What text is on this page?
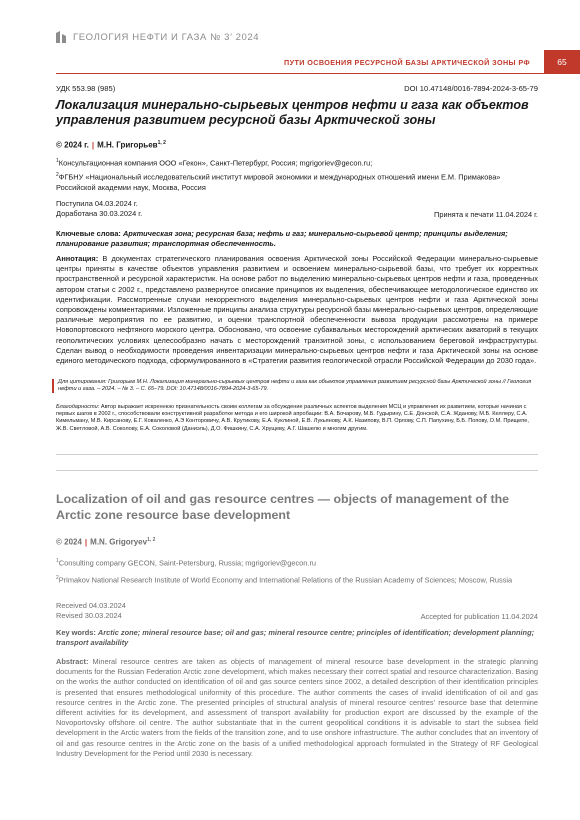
ГЕОЛОГИЯ НЕФТИ И ГАЗА № 3’ 2024
ПУТИ ОСВОЕНИЯ РЕСУРСНОЙ БАЗЫ АРКТИЧЕСКОЙ ЗОНЫ РФ	65
УДК 553.98 (985)	DOI 10.47148/0016-7894-2024-3-65-79
Локализация минерально-сырьевых центров нефти и газа как объектов управления развитием ресурсной базы Арктической зоны
© 2024 г. | М.Н. Григорьев$^{1, 2}$
$^1$Консультационная компания ООО «Гекон», Санкт-Петербург, Россия; mgrigoriev@gecon.ru;
$^2$ФГБНУ «Национальный исследовательский институт мировой экономики и международных отношений имени Е.М. Примакова» Российской академии наук, Москва, Россия
Поступила 04.03.2024 г.
Доработана 30.03.2024 г.	Принята к печати 11.04.2024 г.
Ключевые слова: Арктическая зона; ресурсная база; нефть и газ; минерально-сырьевой центр; принципы выделения; планирование развития; транспортная обеспеченность.
Аннотация: В документах стратегического планирования освоения Арктической зоны Российской Федерации минерально-сырьевые центры приняты в качестве объектов управления развитием и освоением минерально-сырьевой базы, что требует их корректных пространственной и ресурсной характеристик. На основе работ по выделению минерально-сырьевых центров нефти и газа, проведенных автором статьи с 2002 г., представлено развернутое описание принципов их выделения, обеспечивающее методологическое единство их идентификации. Рассмотренные случаи некорректного выделения минерально-сырьевых центров нефти и газа Арктической зоны сопровождены комментариями. Изложенные принципы анализа структуры ресурсной базы минерально-сырьевых центров, определяющие различные мероприятия по ее развитию, и оценки транспортной обеспеченности вывоза продукции рассмотрены на примере Новопортовского нефтяного морского центра. Обосновано, что освоение субаквальных месторождений арктических акваторий в текущих геополитических условиях целесообразно начать с месторождений транзитной зоны, с использованием береговой инфраструктуры. Сделан вывод о необходимости проведения инвентаризации минерально-сырьевых центров нефти и газа Арктической зоны на основе единого методического подхода, сформулированного в «Стратегии развития геологической отрасли Российской Федерации до 2030 года».
Для цитирования: Григорьев М.Н. Локализация минерально-сырьевых центров нефти и газа как объектов управления развитием ресурсной базы Арктической зоны // Геология нефти и газа. – 2024. – № 3. – С. 65–79. DOI: 10.47148/0016-7894-2024-3-65-79.
Благодарности: Автор выражает искреннюю признательность своим коллегам за обсуждение различных аспектов выделения МСЦ и управления их развитием, которые начиная с первых шагов в 2002 г., способствовали конструктивной разработке метода и его широкой апробации: В.А. Бочарову, М.Б. Гудырину, С.Е. Донской, С.А. Жданову, М.Б. Келлеру, С.А. Кимельману, М.В. Кирсанову, Е.Г. Коваленко, А.Э Конторовичу, А.В. Крутикову, Е.А. Куклиной, Е.В. Лукьянову, А.К. Назипову, В.П. Орлову, С.П. Папухину, Б.Б. Попову, О.М. Прищепе, Ж.В. Светловой, А.В. Соколову, Е.А. Соколовой (Даниэль), Д.О. Фишкину, С.А. Хрущеву, А.Г. Шашелю и многим другим.
Localization of oil and gas resource centres — objects of management of the Arctic zone resource base development
© 2024 | M.N. Grigoryev$^{1, 2}$
$^1$Consulting company GECON, Saint-Petersburg, Russia; mgrigoriev@gecon.ru
$^2$Primakov National Research Institute of World Economy and International Relations of the Russian Academy of Sciences; Moscow, Russia
Received 04.03.2024
Revised 30.03.2024	Accepted for publication 11.04.2024
Key words: Arctic zone; mineral resource base; oil and gas; mineral resource centre; principles of identification; development planning; transport availability
Abstract: Mineral resource centres are taken as objects of management of mineral resource base development in the strategic planning documents for the Russian Federation Arctic zone development, which makes necessary their correct spatial and resource characterization. Basing on the works the author conducted on identification of oil and gas source centers since 2002, a detailed description of their identification principles is presented that ensures methodological uniformity of this procedure. The author comments the cases of invalid identification of oil and gas resource centres in the Arctic zone. The presented principles of structural analysis of mineral resource centres’ resource base that determine different activities for its development, and assessment of transport availability for production export are discussed by the example of the Novoportovsky offshore oil centre. The author substantiate that in the current geopolitical conditions it is advisable to start the subsea field development in the Arctic waters from the fields of the transition zone, and to use onshore infrastructure. The author concludes that an inventory of oil and gas resource centres in the Arctic zone on the basis of a unified methodological approach formulated in the Strategy of RF Geological Industry Development for the Period until 2030 is necessary.
